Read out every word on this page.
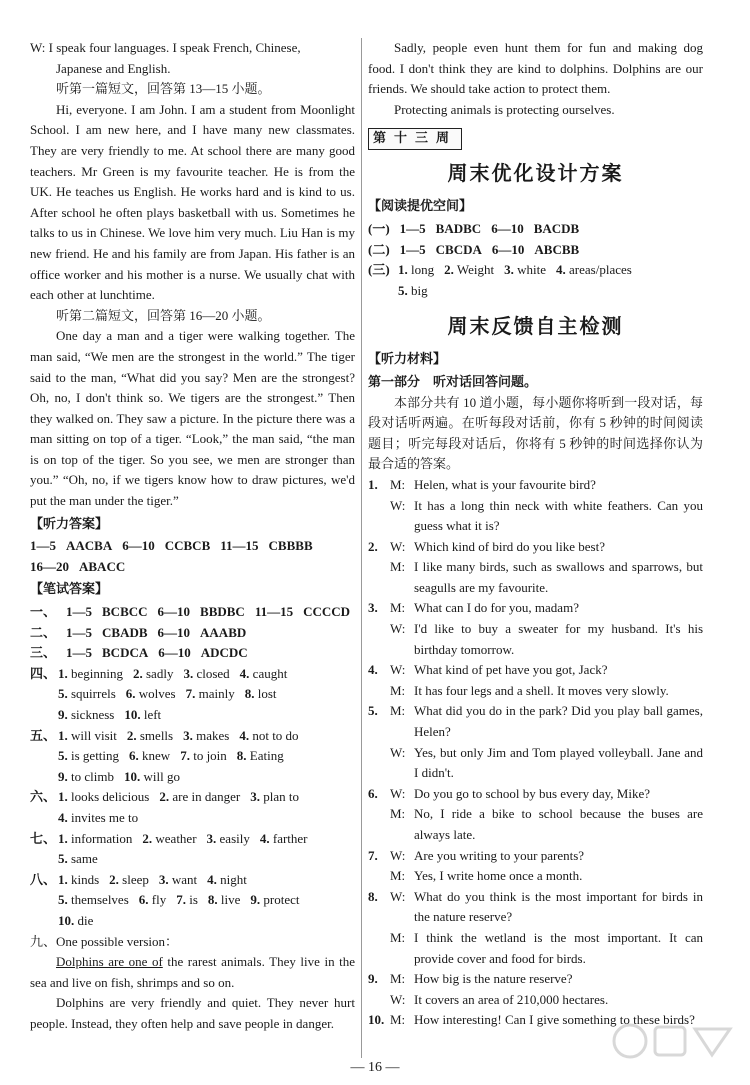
W: I speak four languages. I speak French, Chinese,

Japanese and English.

听第一篇短文，回答第 13—15 小题。

Hi, everyone. I am John. I am a student from Moonlight School. I am new here, and I have many new classmates. They are very friendly to me. At school there are many good teachers. Mr Green is my favourite teacher. He is from the UK. He teaches us English. He works hard and is kind to us. After school he often plays basketball with us. Sometimes he talks to us in Chinese. We love him very much. Liu Han is my new friend. He and his family are from Japan. His father is an office worker and his mother is a nurse. We usually chat with each other at lunchtime.

听第二篇短文，回答第 16—20 小题。

One day a man and a tiger were walking together. The man said, “We men are the strongest in the world.” The tiger said to the man, “What did you say? Men are the strongest? Oh, no, I don't think so. We tigers are the strongest.” Then they walked on. They saw a picture. In the picture there was a man sitting on top of a tiger. “Look,” the man said, “the man is on top of the tiger. So you see, we men are stronger than you.” “Oh, no, if we tigers know how to draw pictures, we'd put the man under the tiger.”

【听力答案】
1—5 AACBA 6—10 CCBCB 11—15 CBBBB
16—20 ABACC
【笔试答案】
一、 1—5 BCBCC 6—10 BBDBC 11—15 CCCCD
二、 1—5 CBADB 6—10 AAABD
三、 1—5 BCDCA 6—10 ADCDC
四、 1. beginning 2. sadly 3. closed 4. caught
5. squirrels 6. wolves 7. mainly 8. lost
9. sickness 10. left
五、 1. will visit 2. smells 3. makes 4. not to do
5. is getting 6. knew 7. to join 8. Eating
9. to climb 10. will go
六、 1. looks delicious 2. are in danger 3. plan to
4. invites me to
七、 1. information 2. weather 3. easily 4. farther
5. same
八、 1. kinds 2. sleep 3. want 4. night
5. themselves 6. fly 7. is 8. live 9. protect
10. die

九、One possible version：

Dolphins are one of the rarest animals. They live in the sea and live on fish, shrimps and so on.

Dolphins are very friendly and quiet. They never hurt people. Instead, they often help and save people in danger.

Sadly, people even hunt them for fun and making dog food. I don't think they are kind to dolphins. Dolphins are our friends. We should take action to protect them.

Protecting animals is protecting ourselves.

第十三周
周末优化设计方案
【阅读提优空间】
(一) 1—5 BADBC 6—10 BACDB
(二) 1—5 CBCDA 6—10 ABCBB
(三) 1. long 2. Weight 3. white 4. areas/places
5. big
周末反馈自主检测
【听力材料】
第一部分　听对话回答问题。

本部分共有 10 道小题，每小题你将听到一段对话，每段对话听两遍。在听每段对话前，你有 5 秒钟的时间阅读题目；听完每段对话后，你将有 5 秒钟的时间选择你认为最合适的答案。

1. M: Helen, what is your favourite bird?
W: It has a long thin neck with white feathers. Can you guess what it is?
2. W: Which kind of bird do you like best?
M: I like many birds, such as swallows and sparrows, but seagulls are my favourite.
3. M: What can I do for you, madam?
W: I'd like to buy a sweater for my husband. It's his birthday tomorrow.
4. W: What kind of pet have you got, Jack?
M: It has four legs and a shell. It moves very slowly.
5. M: What did you do in the park? Did you play ball games, Helen?
W: Yes, but only Jim and Tom played volleyball. Jane and I didn't.
6. W: Do you go to school by bus every day, Mike?
M: No, I ride a bike to school because the buses are always late.
7. W: Are you writing to your parents?
M: Yes, I write home once a month.
8. W: What do you think is the most important for birds in the nature reserve?
M: I think the wetland is the most important. It can provide cover and food for birds.
9. M: How big is the nature reserve?
W: It covers an area of 210,000 hectares.
10. M: How interesting! Can I give something to these birds?
— 16 —
